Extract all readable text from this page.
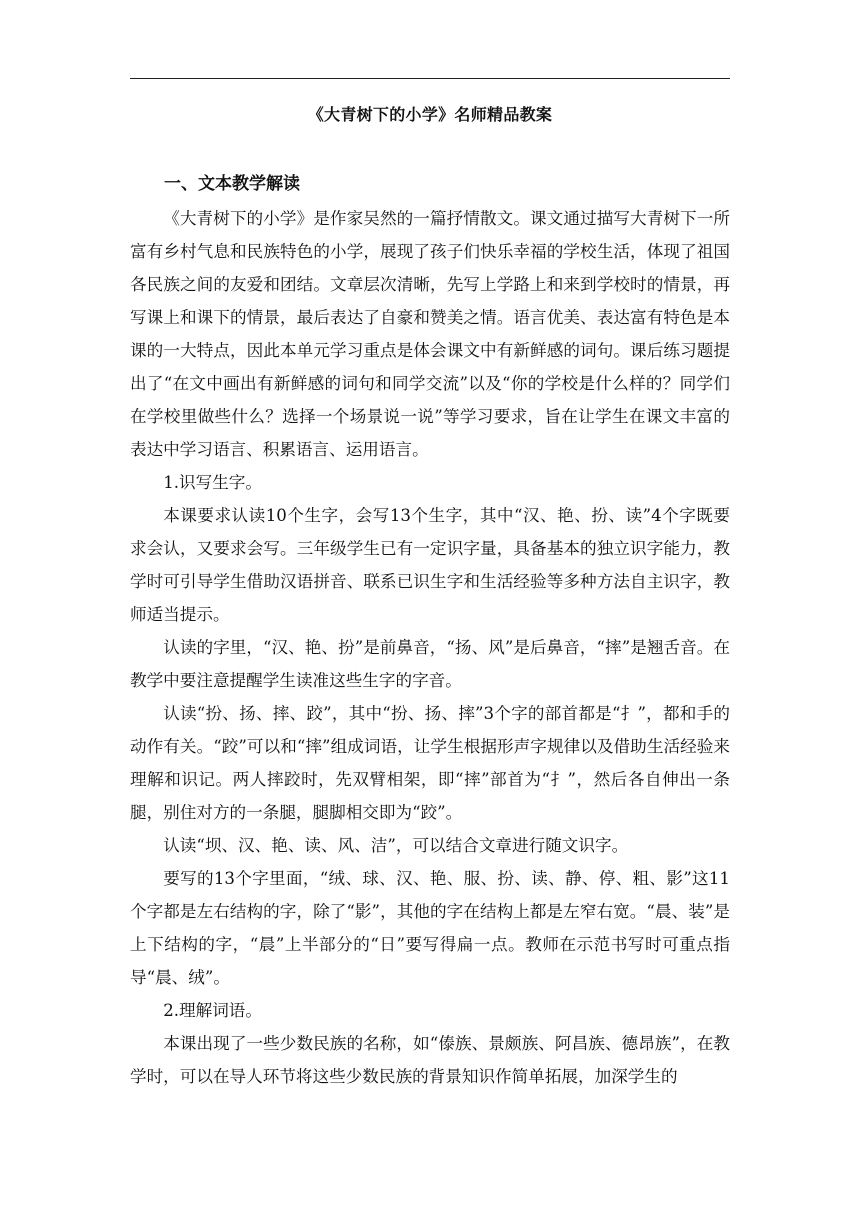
《大青树下的小学》名师精品教案
一、文本教学解读

《大青树下的小学》是作家吴然的一篇抒情散文。课文通过描写大青树下一所富有乡村气息和民族特色的小学，展现了孩子们快乐幸福的学校生活，体现了祖国各民族之间的友爱和团结。文章层次清晰，先写上学路上和来到学校时的情景，再写课上和课下的情景，最后表达了自豪和赞美之情。语言优美、表达富有特色是本课的一大特点，因此本单元学习重点是体会课文中有新鲜感的词句。课后练习题提出了“在文中画出有新鲜感的词句和同学交流”以及“你的学校是什么样的？同学们在学校里做些什么？选择一个场景说一说”等学习要求，旨在让学生在课文丰富的表达中学习语言、积累语言、运用语言。

1.识写生字。

本课要求认读10个生字，会写13个生字，其中“汉、艳、扮、读”4个字既要求会认，又要求会写。三年级学生已有一定识字量，具备基本的独立识字能力，教学时可引导学生借助汉语拼音、联系已识生字和生活经验等多种方法自主识字，教师适当提示。

认读的字里，“汉、艳、扮”是前鼻音，“扬、风”是后鼻音，“摔”是翘舌音。在教学中要注意提醒学生读准这些生字的字音。

认读“扮、扬、摔、跤”，其中“扮、扬、摔”3个字的部首都是“扌”，都和手的动作有关。“跤”可以和“摔”组成词语，让学生根据形声字规律以及借助生活经验来理解和识记。两人摔跤时，先双臂相架，即“摔”部首为“扌”，然后各自伸出一条腿，别住对方的一条腿，腿脚相交即为“跤”。

认读“坝、汉、艳、读、风、洁”，可以结合文章进行随文识字。

要写的13个字里面，“绒、球、汉、艳、服、扮、读、静、停、粗、影”这11个字都是左右结构的字，除了“影”，其他的字在结构上都是左窄右宽。“晨、装”是上下结构的字，“晨”上半部分的“日”要写得扁一点。教师在示范书写时可重点指导“晨、绒”。

2.理解词语。

本课出现了一些少数民族的名称，如“傣族、景颇族、阿昌族、德昂族”，在教学时，可以在导人环节将这些少数民族的背景知识作简单拓展，加深学生的
